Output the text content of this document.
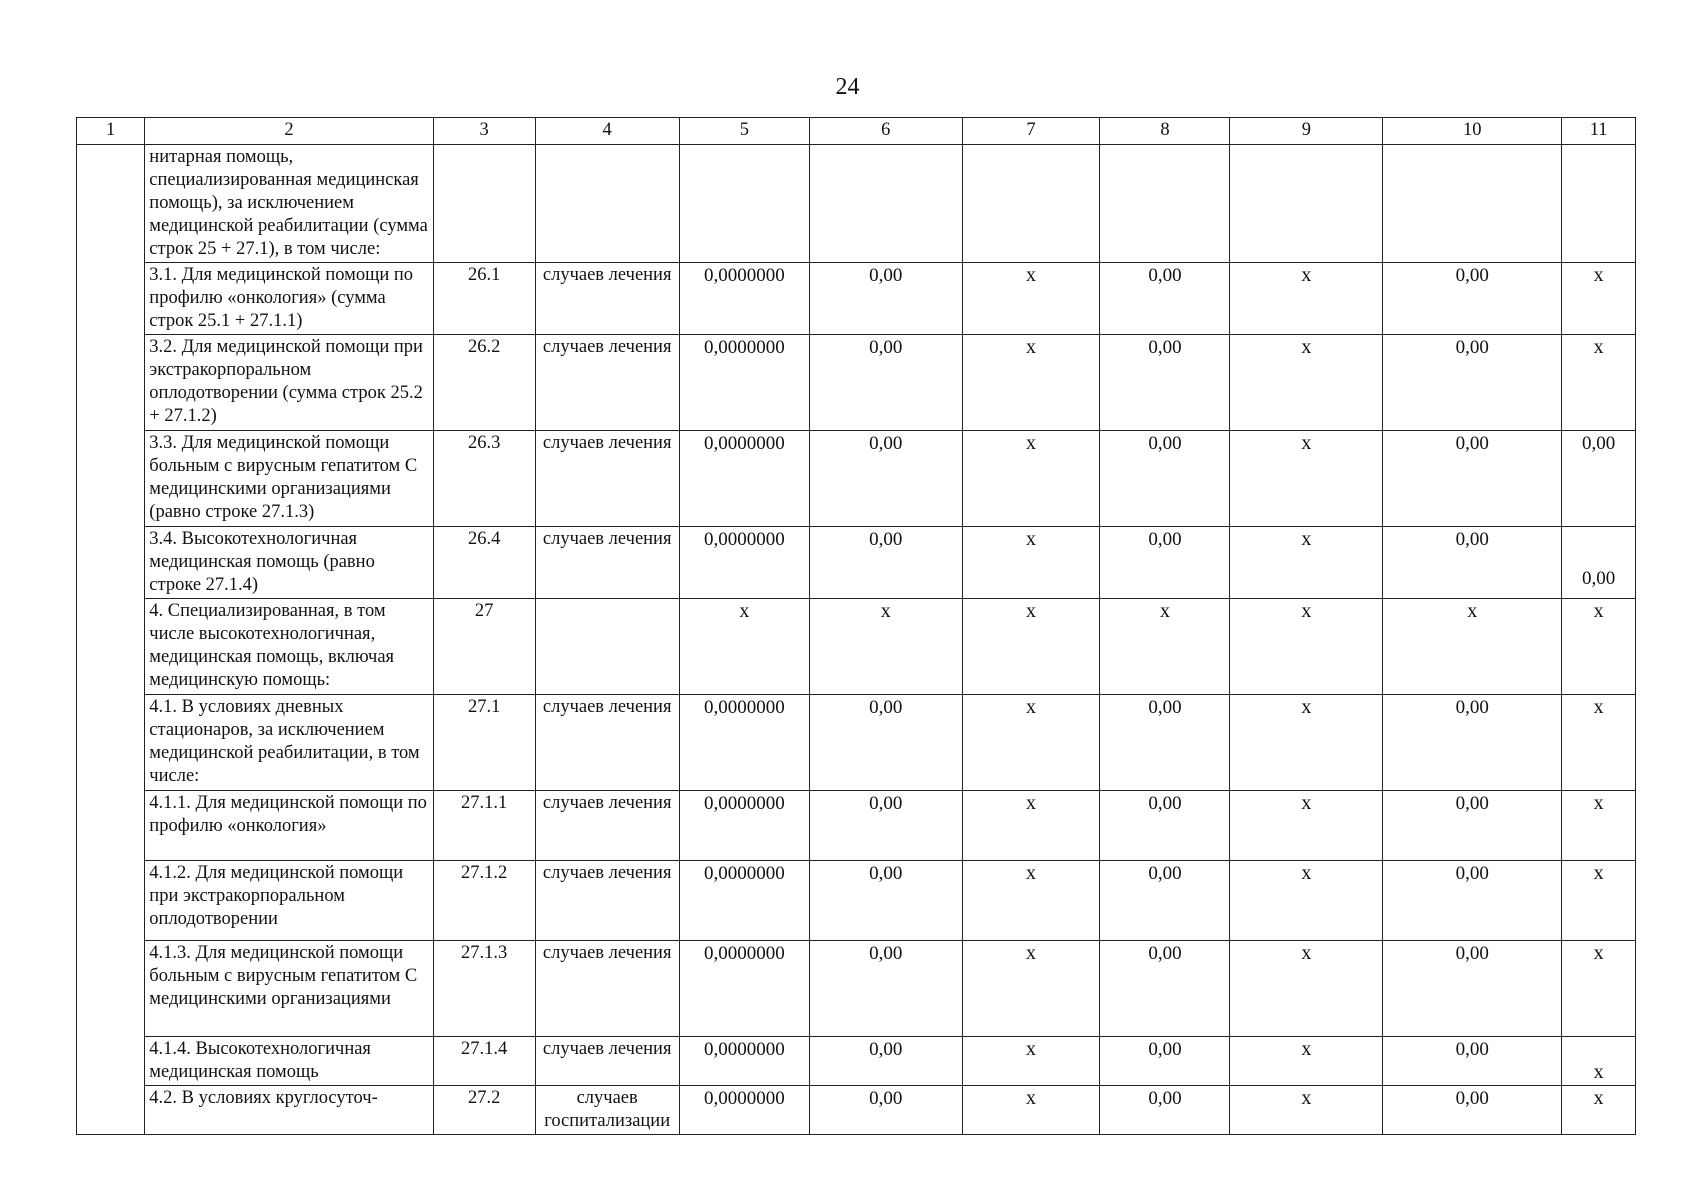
24
1	2	3	4	5	6	7	8	9	10	11
	нитарная помощь, специализированная медицинская помощь), за исключением медицинской реабилитации (сумма строк 25 + 27.1), в том числе:									
	3.1. Для медицинской помощи по профилю «онкология» (сумма строк 25.1 + 27.1.1)	26.1	случаев лечения	0,0000000	0,00	x	0,00	x	0,00	x
	3.2. Для медицинской помощи при экстракорпоральном оплодотворении (сумма строк 25.2 + 27.1.2)	26.2	случаев лечения	0,0000000	0,00	x	0,00	x	0,00	x
	3.3. Для медицинской помощи больным с вирусным гепатитом С медицинскими организациями (равно строке 27.1.3)	26.3	случаев лечения	0,0000000	0,00	x	0,00	x	0,00	0,00
	3.4. Высокотехнологичная медицинская помощь (равно строке 27.1.4)	26.4	случаев лечения	0,0000000	0,00	x	0,00	x	0,00	0,00
	4. Специализированная, в том числе высокотехнологичная, медицинская помощь, включая медицинскую помощь:	27		x	x	x	x	x	x	x
	4.1. В условиях дневных стационаров, за исключением медицинской реабилитации, в том числе:	27.1	случаев лечения	0,0000000	0,00	x	0,00	x	0,00	x
	4.1.1. Для медицинской помощи по профилю «онкология»	27.1.1	случаев лечения	0,0000000	0,00	x	0,00	x	0,00	x
	4.1.2. Для медицинской помощи при экстракорпоральном оплодотворении	27.1.2	случаев лечения	0,0000000	0,00	x	0,00	x	0,00	x
	4.1.3. Для медицинской помощи больным с вирусным гепатитом С медицинскими организациями	27.1.3	случаев лечения	0,0000000	0,00	x	0,00	x	0,00	x
	4.1.4. Высокотехнологичная медицинская помощь	27.1.4	случаев лечения	0,0000000	0,00	x	0,00	x	0,00	x
	4.2. В условиях круглосуточ-	27.2	случаев госпитализации	0,0000000	0,00	x	0,00	x	0,00	x
